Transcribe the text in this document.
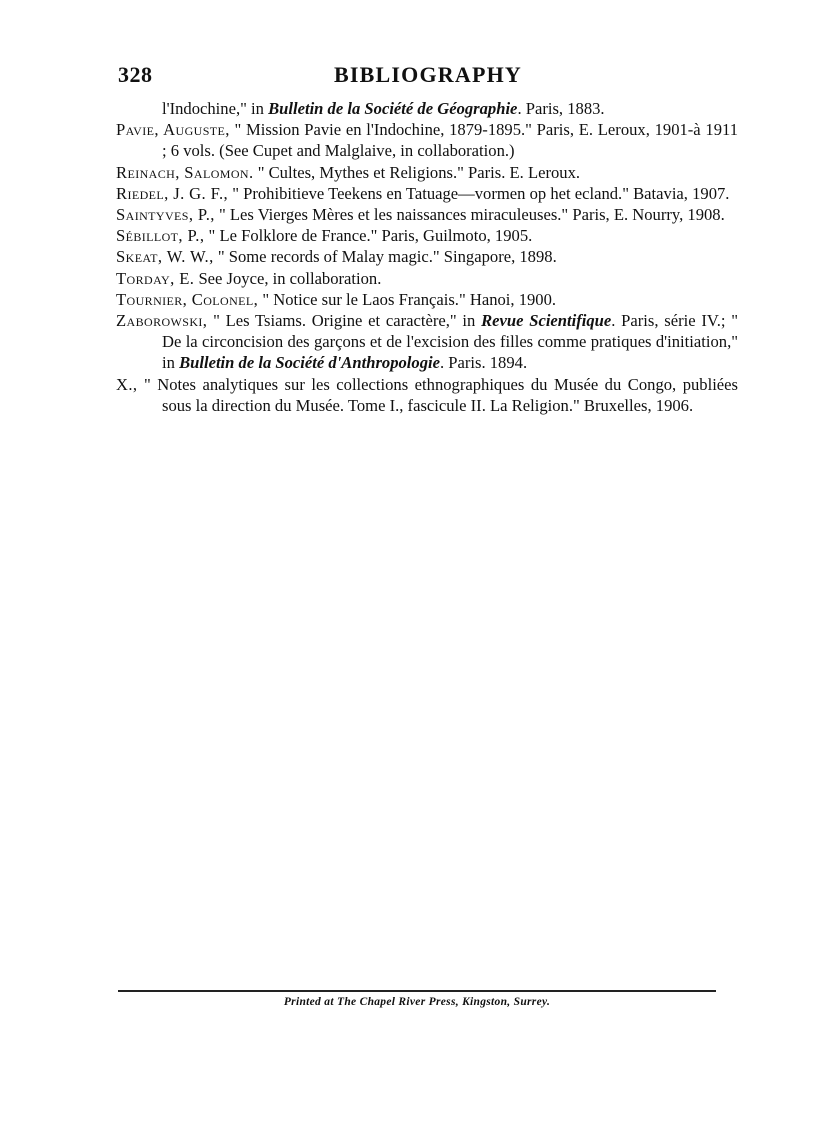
328	BIBLIOGRAPHY

l'Indochine," in Bulletin de la Société de Géographie. Paris, 1883.

Pavie, Auguste, " Mission Pavie en l'Indochine, 1879-1895." Paris, E. Leroux, 1901-à 1911 ; 6 vols. (See Cupet and Malglaive, in collaboration.)

Reinach, Salomon. " Cultes, Mythes et Religions." Paris. E. Leroux.

Riedel, J. G. F., " Prohibitieve Teekens en Tatuage—vormen op het ecland." Batavia, 1907.

Saintyves, P., " Les Vierges Mères et les naissances miraculeuses." Paris, E. Nourry, 1908.

Sébillot, P., " Le Folklore de France." Paris, Guilmoto, 1905.

Skeat, W. W., " Some records of Malay magic." Singapore, 1898.

Torday, E. See Joyce, in collaboration.

Tournier, Colonel, " Notice sur le Laos Français." Hanoi, 1900.

Zaborowski, " Les Tsiams. Origine et caractère," in Revue Scientifique. Paris, série IV.; " De la circoncision des garçons et de l'excision des filles comme pratiques d'initiation," in Bulletin de la Société d'Anthropologie. Paris. 1894.

X., " Notes analytiques sur les collections ethnographiques du Musée du Congo, publiées sous la direction du Musée. Tome I., fascicule II. La Religion." Bruxelles, 1906.

Printed at The Chapel River Press, Kingston, Surrey.
